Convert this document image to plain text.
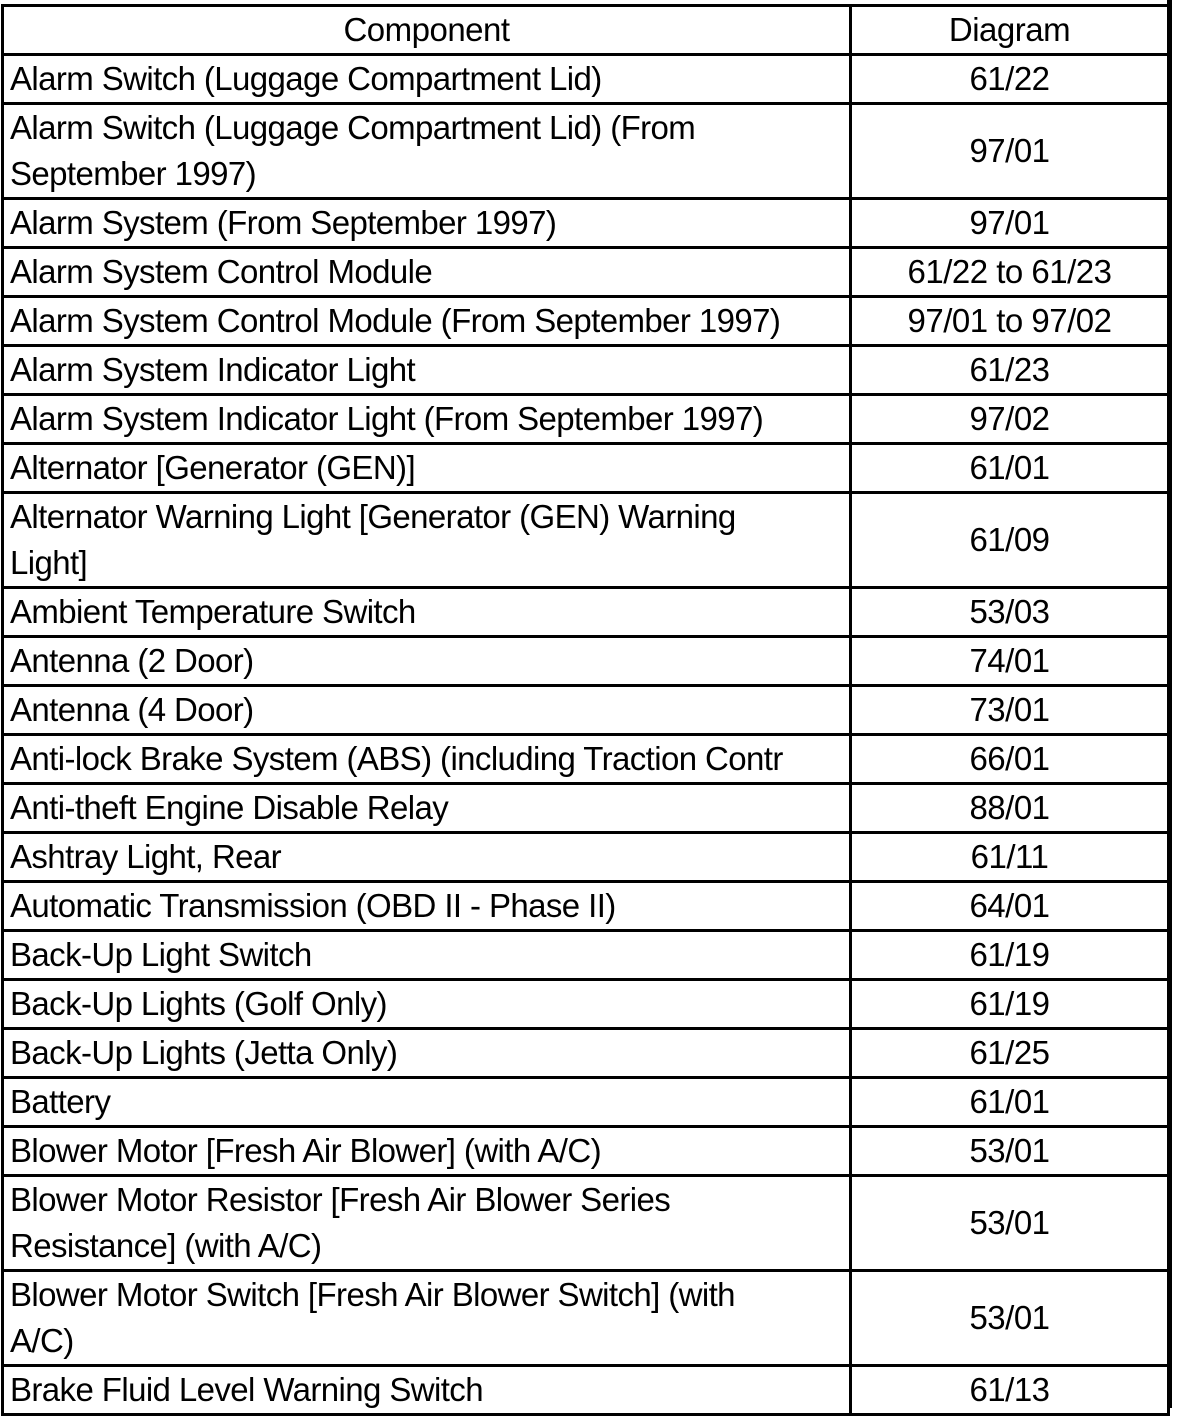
Component	Diagram
Alarm Switch (Luggage Compartment Lid)	61/22
Alarm Switch (Luggage Compartment Lid) (From September 1997)	97/01
Alarm System (From September 1997)	97/01
Alarm System Control Module	61/22 to 61/23
Alarm System Control Module (From September 1997)	97/01 to 97/02
Alarm System Indicator Light	61/23
Alarm System Indicator Light (From September 1997)	97/02
Alternator [Generator (GEN)]	61/01
Alternator Warning Light [Generator (GEN) Warning Light]	61/09
Ambient Temperature Switch	53/03
Antenna (2 Door)	74/01
Antenna (4 Door)	73/01
Anti-lock Brake System (ABS) (including Traction Contr	66/01
Anti-theft Engine Disable Relay	88/01
Ashtray Light, Rear	61/11
Automatic Transmission (OBD II - Phase II)	64/01
Back-Up Light Switch	61/19
Back-Up Lights (Golf Only)	61/19
Back-Up Lights (Jetta Only)	61/25
Battery	61/01
Blower Motor [Fresh Air Blower] (with A/C)	53/01
Blower Motor Resistor [Fresh Air Blower Series Resistance] (with A/C)	53/01
Blower Motor Switch [Fresh Air Blower Switch] (with A/C)	53/01
Brake Fluid Level Warning Switch	61/13
